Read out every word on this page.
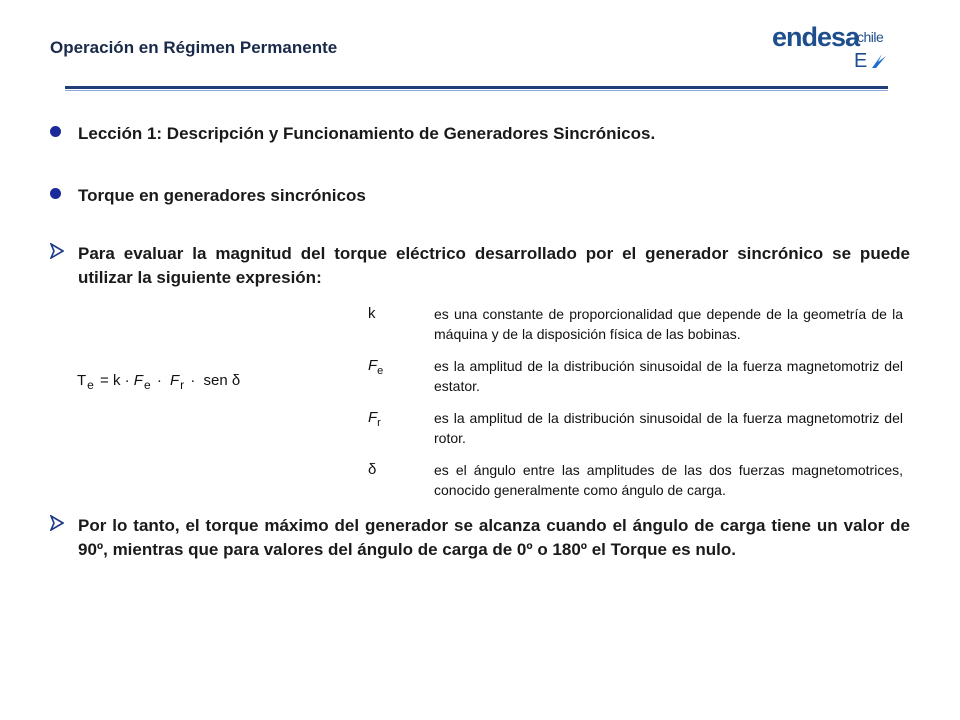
Operación en Régimen Permanente	endesa
chile
E
Lección 1: Descripción y Funcionamiento de Generadores Sincrónicos.
Torque en generadores sincrónicos
Para evaluar la magnitud del torque eléctrico desarrollado por el generador sincrónico se puede utilizar la siguiente expresión:
$T_e = k \cdot F_e \cdot F_r$ · sen δ
k	es una constante de proporcionalidad que depende de la geometría de la máquina y de la disposición física de las bobinas.
$F_e$	es la amplitud de la distribución sinusoidal de la fuerza magnetomotriz del estator.
$F_r$	es la amplitud de la distribución sinusoidal de la fuerza magnetomotriz del rotor.
δ	es el ángulo entre las amplitudes de las dos fuerzas magnetomotrices, conocido generalmente como ángulo de carga.
Por lo tanto, el torque máximo del generador se alcanza cuando el ángulo de carga tiene un valor de 90º, mientras que para valores del ángulo de carga de 0º o 180º el Torque es nulo.
